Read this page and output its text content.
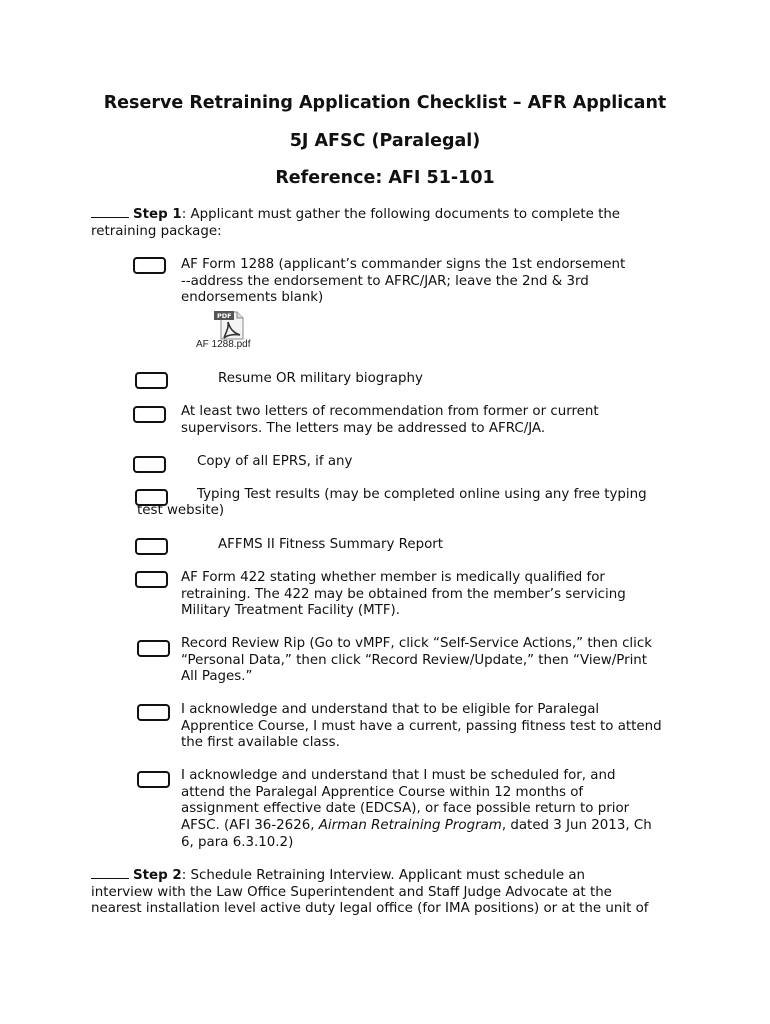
Reserve Retraining Application Checklist – AFR Applicant
5J AFSC (Paralegal)
Reference: AFI 51-101
Step 1: Applicant must gather the following documents to complete the
retraining package:
AF Form 1288 (applicant’s commander signs the 1st endorsement
--address the endorsement to AFRC/JAR; leave the 2nd & 3rd
endorsements blank)
PDF
AF 1288.pdf
Resume OR military biography
At least two letters of recommendation from former or current
supervisors. The letters may be addressed to AFRC/JA.
Copy of all EPRS, if any
Typing Test results (may be completed online using any free typing
test website)
AFFMS II Fitness Summary Report
AF Form 422 stating whether member is medically qualified for
retraining. The 422 may be obtained from the member’s servicing
Military Treatment Facility (MTF).
Record Review Rip (Go to vMPF, click “Self-Service Actions,” then click
“Personal Data,” then click “Record Review/Update,” then “View/Print
All Pages.”
I acknowledge and understand that to be eligible for Paralegal
Apprentice Course, I must have a current, passing fitness test to attend
the first available class.
I acknowledge and understand that I must be scheduled for, and
attend the Paralegal Apprentice Course within 12 months of
assignment effective date (EDCSA), or face possible return to prior
AFSC. (AFI 36-2626, Airman Retraining Program, dated 3 Jun 2013, Ch
6, para 6.3.10.2)
Step 2: Schedule Retraining Interview. Applicant must schedule an
interview with the Law Office Superintendent and Staff Judge Advocate at the
nearest installation level active duty legal office (for IMA positions) or at the unit of
